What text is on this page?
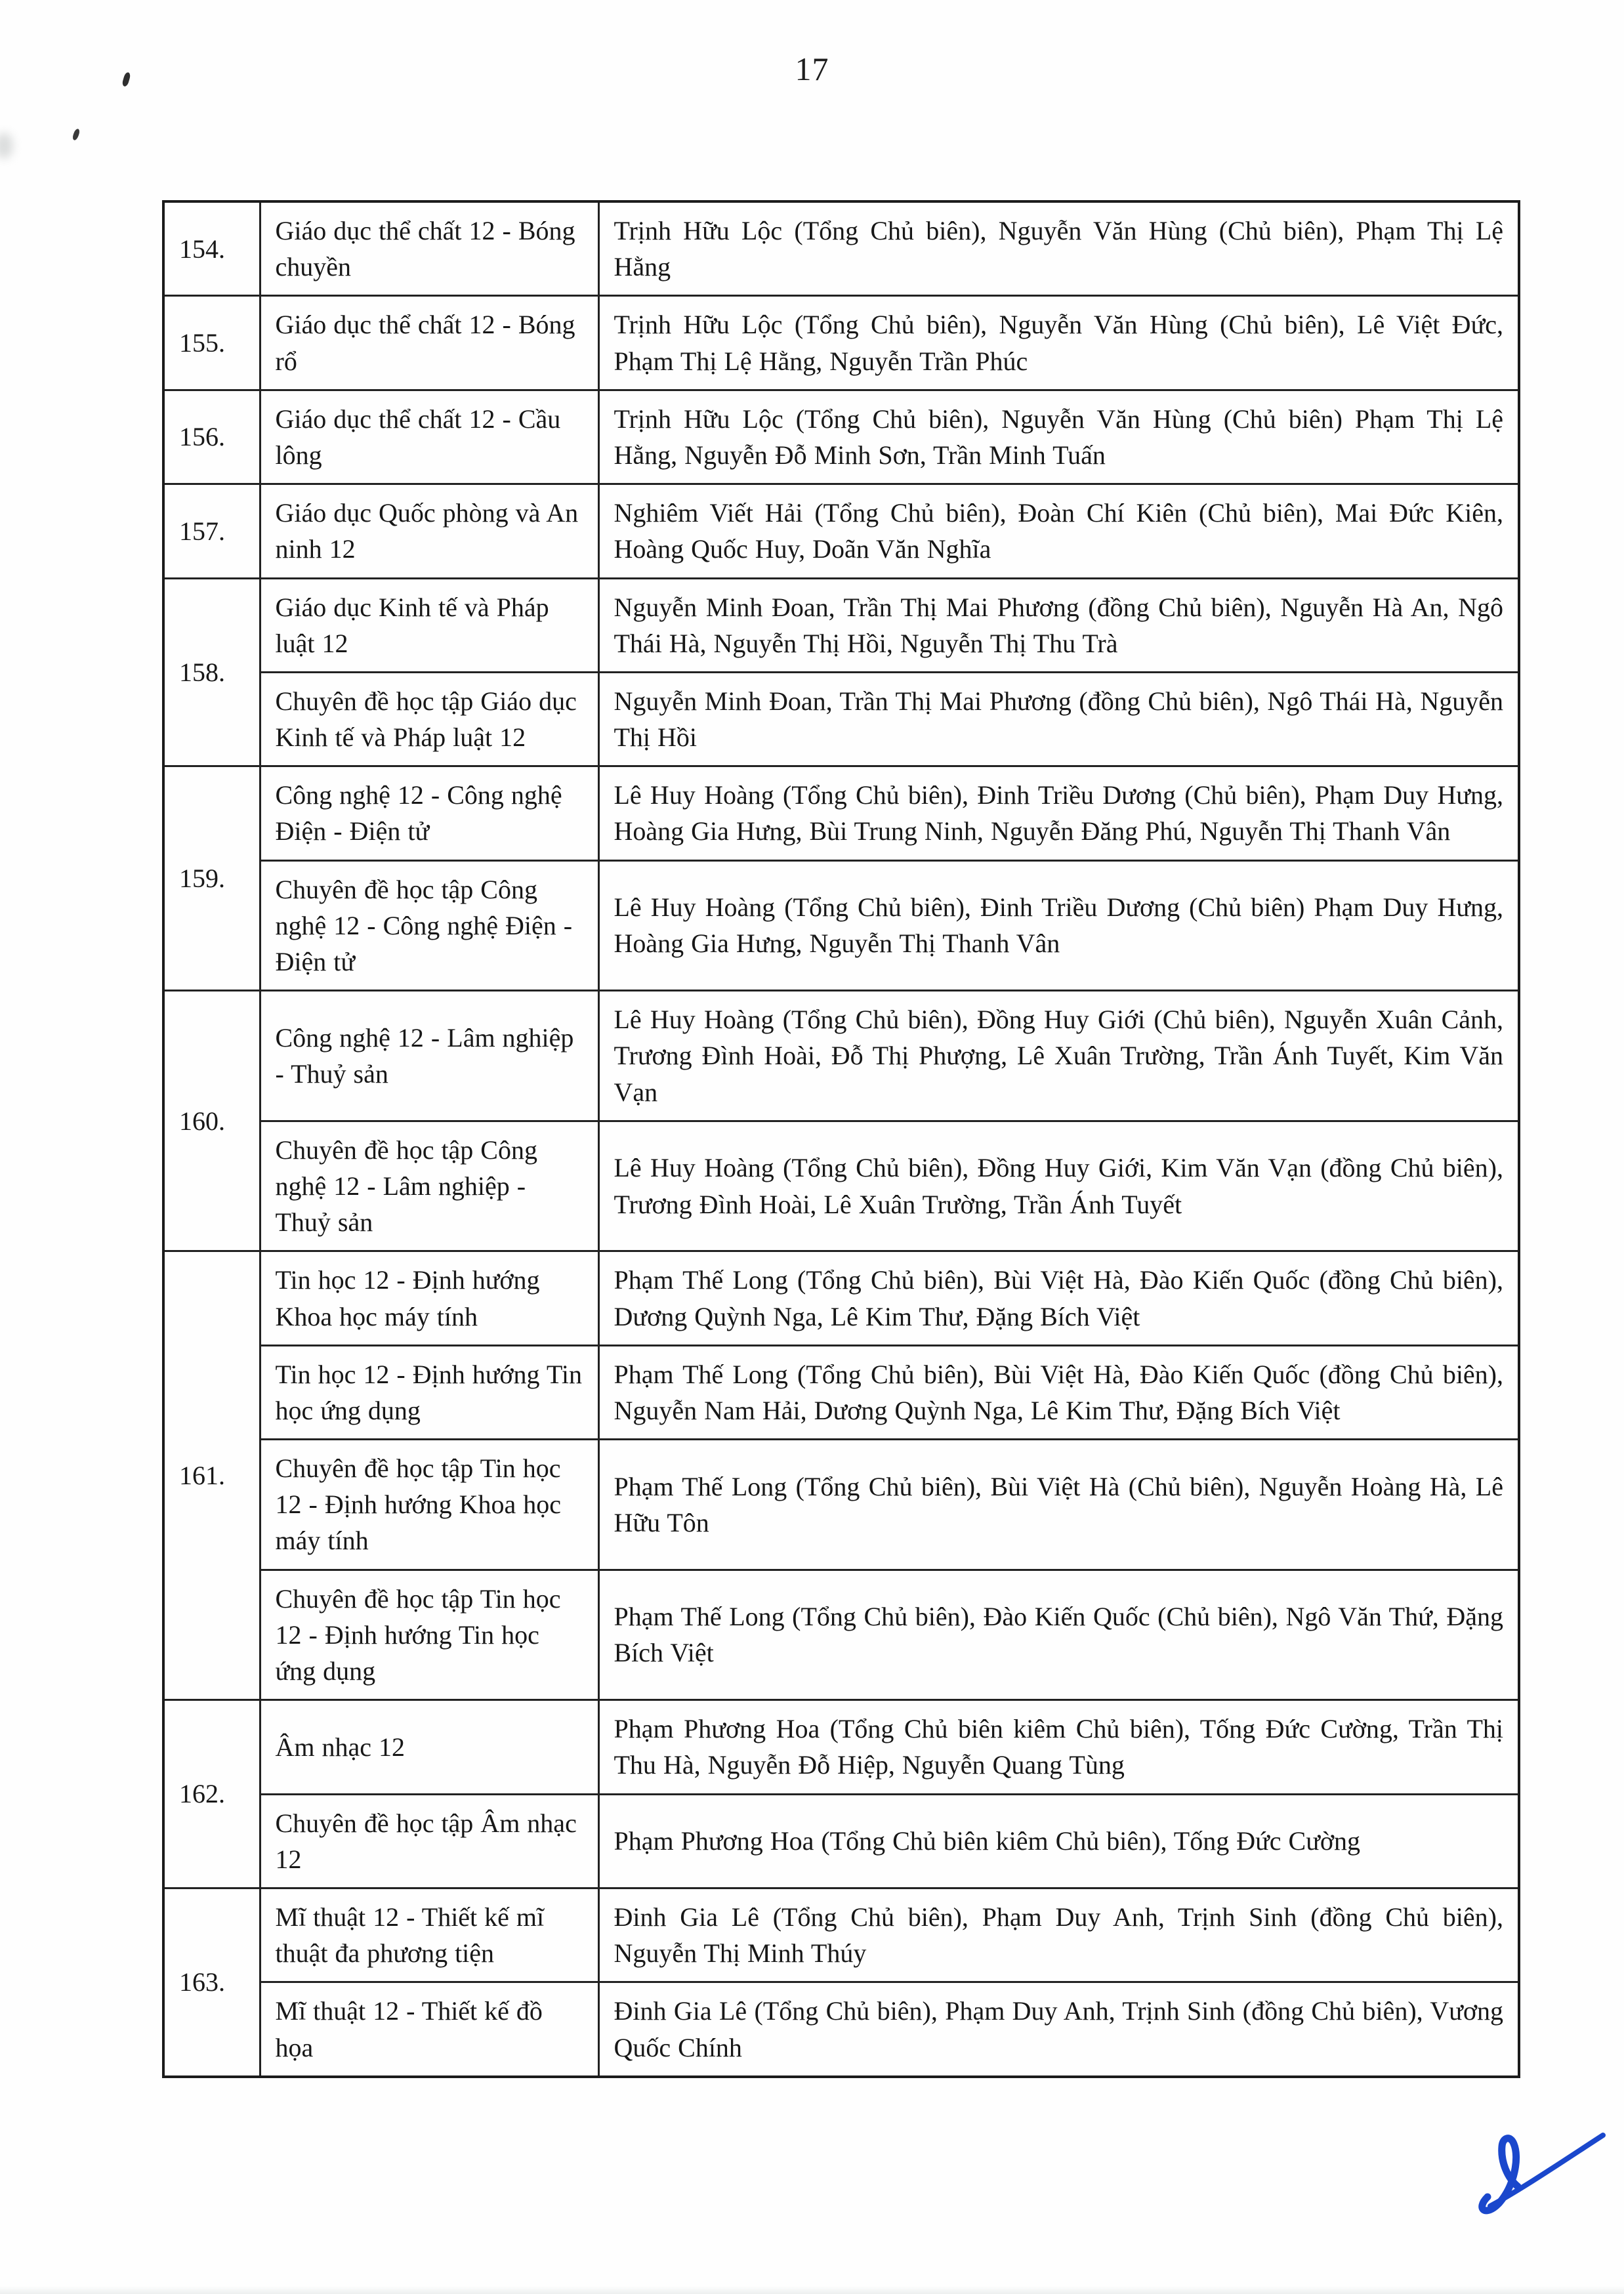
17
154.	Giáo dục thể chất 12 - Bóng chuyền	Trịnh Hữu Lộc (Tổng Chủ biên), Nguyễn Văn Hùng (Chủ biên), Phạm Thị Lệ Hằng
155.	Giáo dục thể chất 12 - Bóng rổ	Trịnh Hữu Lộc (Tổng Chủ biên), Nguyễn Văn Hùng (Chủ biên), Lê Việt Đức, Phạm Thị Lệ Hằng, Nguyễn Trần Phúc
156.	Giáo dục thể chất 12 - Cầu lông	Trịnh Hữu Lộc (Tổng Chủ biên), Nguyễn Văn Hùng (Chủ biên) Phạm Thị Lệ Hằng, Nguyễn Đỗ Minh Sơn, Trần Minh Tuấn
157.	Giáo dục Quốc phòng và An ninh 12	Nghiêm Viết Hải (Tổng Chủ biên), Đoàn Chí Kiên (Chủ biên), Mai Đức Kiên, Hoàng Quốc Huy, Doãn Văn Nghĩa
158.	Giáo dục Kinh tế và Pháp luật 12	Nguyễn Minh Đoan, Trần Thị Mai Phương (đồng Chủ biên), Nguyễn Hà An, Ngô Thái Hà, Nguyễn Thị Hồi, Nguyễn Thị Thu Trà
	Chuyên đề học tập Giáo dục Kinh tế và Pháp luật 12	Nguyễn Minh Đoan, Trần Thị Mai Phương (đồng Chủ biên), Ngô Thái Hà, Nguyễn Thị Hồi
159.	Công nghệ 12 - Công nghệ Điện - Điện tử	Lê Huy Hoàng (Tổng Chủ biên), Đinh Triều Dương (Chủ biên), Phạm Duy Hưng, Hoàng Gia Hưng, Bùi Trung Ninh, Nguyễn Đăng Phú, Nguyễn Thị Thanh Vân
	Chuyên đề học tập Công nghệ 12 - Công nghệ Điện - Điện tử	Lê Huy Hoàng (Tổng Chủ biên), Đinh Triều Dương (Chủ biên) Phạm Duy Hưng, Hoàng Gia Hưng, Nguyễn Thị Thanh Vân
160.	Công nghệ 12 - Lâm nghiệp - Thuỷ sản	Lê Huy Hoàng (Tổng Chủ biên), Đồng Huy Giới (Chủ biên), Nguyễn Xuân Cảnh, Trương Đình Hoài, Đỗ Thị Phượng, Lê Xuân Trường, Trần Ánh Tuyết, Kim Văn Vạn
	Chuyên đề học tập Công nghệ 12 - Lâm nghiệp - Thuỷ sản	Lê Huy Hoàng (Tổng Chủ biên), Đồng Huy Giới, Kim Văn Vạn (đồng Chủ biên), Trương Đình Hoài, Lê Xuân Trường, Trần Ánh Tuyết
161.	Tin học 12 - Định hướng Khoa học máy tính	Phạm Thế Long (Tổng Chủ biên), Bùi Việt Hà, Đào Kiến Quốc (đồng Chủ biên), Dương Quỳnh Nga, Lê Kim Thư, Đặng Bích Việt
	Tin học 12 - Định hướng Tin học ứng dụng	Phạm Thế Long (Tổng Chủ biên), Bùi Việt Hà, Đào Kiến Quốc (đồng Chủ biên), Nguyễn Nam Hải, Dương Quỳnh Nga, Lê Kim Thư, Đặng Bích Việt
	Chuyên đề học tập Tin học 12 - Định hướng Khoa học máy tính	Phạm Thế Long (Tổng Chủ biên), Bùi Việt Hà (Chủ biên), Nguyễn Hoàng Hà, Lê Hữu Tôn
	Chuyên đề học tập Tin học 12 - Định hướng Tin học ứng dụng	Phạm Thế Long (Tổng Chủ biên), Đào Kiến Quốc (Chủ biên), Ngô Văn Thứ, Đặng Bích Việt
162.	Âm nhạc 12	Phạm Phương Hoa (Tổng Chủ biên kiêm Chủ biên), Tống Đức Cường, Trần Thị Thu Hà, Nguyễn Đỗ Hiệp, Nguyễn Quang Tùng
	Chuyên đề học tập Âm nhạc 12	Phạm Phương Hoa (Tổng Chủ biên kiêm Chủ biên), Tống Đức Cường
163.	Mĩ thuật 12 - Thiết kế mĩ thuật đa phương tiện	Đinh Gia Lê (Tổng Chủ biên), Phạm Duy Anh, Trịnh Sinh (đồng Chủ biên), Nguyễn Thị Minh Thúy
	Mĩ thuật 12 - Thiết kế đồ họa	Đinh Gia Lê (Tổng Chủ biên), Phạm Duy Anh, Trịnh Sinh (đồng Chủ biên), Vương Quốc Chính
